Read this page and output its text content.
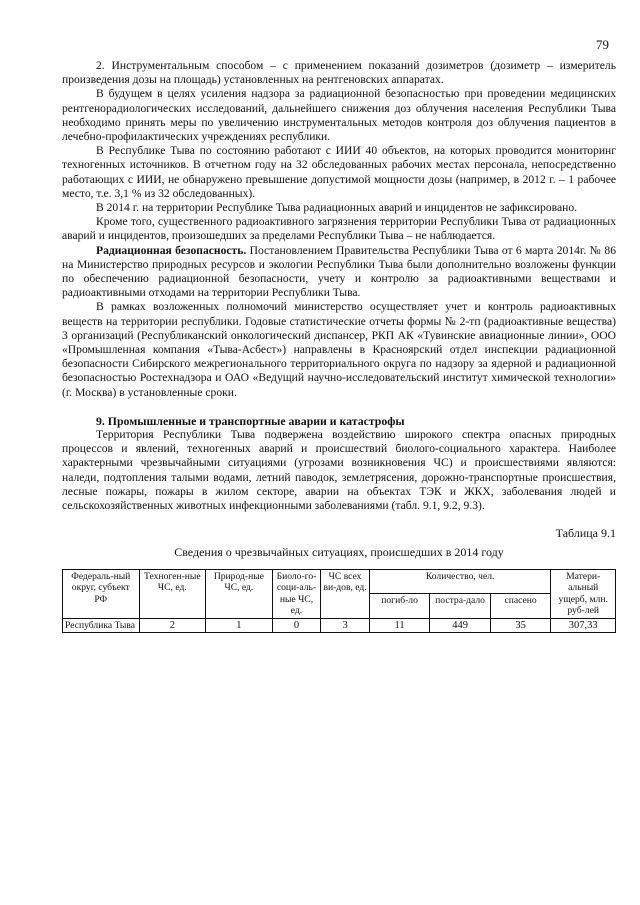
79

2. Инструментальным способом – с применением показаний дозиметров (дозиметр – измеритель произведения дозы на площадь) установленных на рентгеновских аппаратах.

В будущем в целях усиления надзора за радиационной безопасностью при проведении медицинских рентгенорадиологических исследований, дальнейшего снижения доз облучения населения Республики Тыва необходимо принять меры по увеличению инструментальных методов контроля доз облучения пациентов в лечебно-профилактических учреждениях республики.

В Республике Тыва по состоянию работают с ИИИ 40 объектов, на которых проводится мониторинг техногенных источников. В отчетном году на 32 обследованных рабочих местах персонала, непосредственно работающих с ИИИ, не обнаружено превышение допустимой мощности дозы (например, в 2012 г. – 1 рабочее место, т.е. 3,1 % из 32 обследованных).

В 2014 г. на территории Республике Тыва радиационных аварий и инцидентов не зафиксировано.

Кроме того, существенного радиоактивного загрязнения территории Республики Тыва от радиационных аварий и инцидентов, произошедших за пределами Республики Тыва – не наблюдается.

Радиационная безопасность. Постановлением Правительства Республики Тыва от 6 марта 2014г. № 86 на Министерство природных ресурсов и экологии Республики Тыва были дополнительно возложены функции по обеспечению радиационной безопасности, учету и контролю за радиоактивными веществами и радиоактивными отходами на территории Республики Тыва.

В рамках возложенных полномочий министерство осуществляет учет и контроль радиоактивных веществ на территории республики. Годовые статистические отчеты формы № 2-тп (радиоактивные вещества) 3 организаций (Республиканский онкологический диспансер, РКП АК «Тувинские авиационные линии», ООО «Промышленная компания «Тыва-Асбест») направлены в Красноярский отдел инспекции радиационной безопасности Сибирского межрегионального территориального округа по надзору за ядерной и радиационной безопасностью Ростехнадзора и ОАО «Ведущий научно-исследовательский институт химической технологии» (г. Москва) в установленные сроки.

9. Промышленные и транспортные аварии и катастрофы

Территория Республики Тыва подвержена воздействию широкого спектра опасных природных процессов и явлений, техногенных аварий и происшествий биолого-социального характера. Наиболее характерными чрезвычайными ситуациями (угрозами возникновения ЧС) и происшествиями являются: наледи, подтопления талыми водами, летний паводок, землетрясения, дорожно-транспортные происшествия, лесные пожары, пожары в жилом секторе, аварии на объектах ТЭК и ЖКХ, заболевания людей и сельскохозяйственных животных инфекционными заболеваниями (табл. 9.1, 9.2, 9.3).

Таблица 9.1
Сведения о чрезвычайных ситуациях, происшедших в 2014 году
Федераль-ный округ, субъект РФ	Техноген-ные ЧС, ед.	Природ-ные ЧС, ед.	Биоло-го-соци-аль-ные ЧС, ед.	ЧС всех ви-дов, ед.	Количество, чел.			Матери-альный ущерб, млн. руб-лей
					погиб-ло	постра-дало	спасено	
Республика Тыва	2	1	0	3	11	449	35	307,33
